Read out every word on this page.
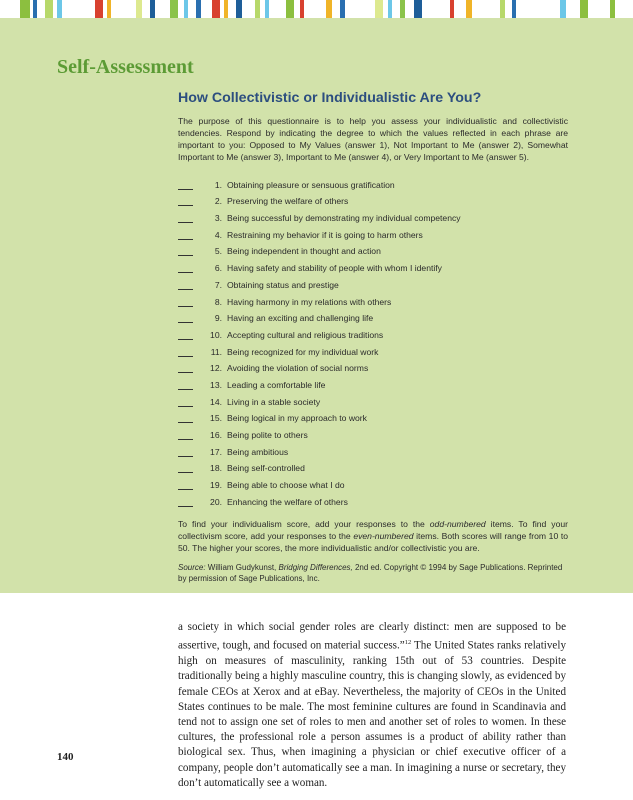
Self-Assessment
How Collectivistic or Individualistic Are You?

The purpose of this questionnaire is to help you assess your individualistic and collectivistic tendencies. Respond by indicating the degree to which the values reflected in each phrase are important to you: Opposed to My Values (answer 1), Not Important to Me (answer 2), Somewhat Important to Me (answer 3), Important to Me (answer 4), or Very Important to Me (answer 5).

1. Obtaining pleasure or sensuous gratification
2. Preserving the welfare of others
3. Being successful by demonstrating my individual competency
4. Restraining my behavior if it is going to harm others
5. Being independent in thought and action
6. Having safety and stability of people with whom I identify
7. Obtaining status and prestige
8. Having harmony in my relations with others
9. Having an exciting and challenging life
10. Accepting cultural and religious traditions
11. Being recognized for my individual work
12. Avoiding the violation of social norms
13. Leading a comfortable life
14. Living in a stable society
15. Being logical in my approach to work
16. Being polite to others
17. Being ambitious
18. Being self-controlled
19. Being able to choose what I do
20. Enhancing the welfare of others

To find your individualism score, add your responses to the odd-numbered items. To find your collectivism score, add your responses to the even-numbered items. Both scores will range from 10 to 50. The higher your scores, the more individualistic and/or collectivistic you are.

Source: William Gudykunst, Bridging Differences, 2nd ed. Copyright © 1994 by Sage Publications. Reprinted by permission of Sage Publications, Inc.

a society in which social gender roles are clearly distinct: men are supposed to be assertive, tough, and focused on material success.”$^{12}$ The United States ranks relatively high on measures of masculinity, ranking 15th out of 53 countries. Despite traditionally being a highly masculine country, this is changing slowly, as evidenced by female CEOs at Xerox and at eBay. Nevertheless, the majority of CEOs in the United States continues to be male. The most feminine cultures are found in Scandinavia and tend not to assign one set of roles to men and another set of roles to women. In these cultures, the professional role a person assumes is a product of ability rather than biological sex. Thus, when imagining a physician or chief executive officer of a company, people don’t automatically see a man. In imagining a nurse or secretary, they don’t automatically see a woman.

140
